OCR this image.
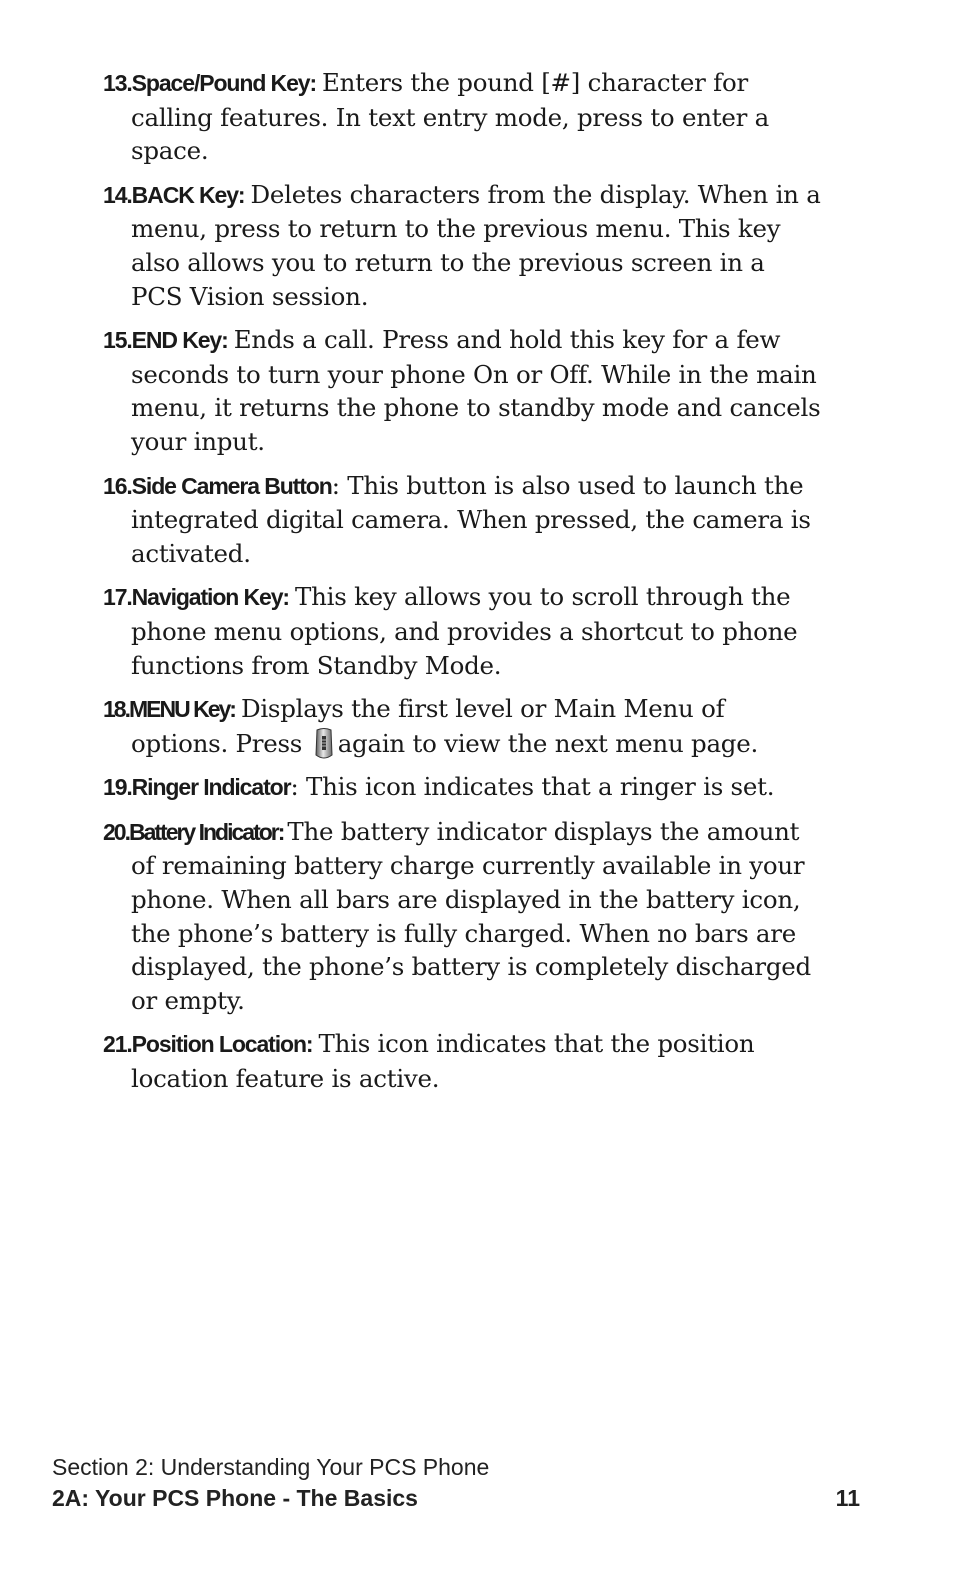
13.Space/Pound Key: Enters the pound [#] character for calling features. In text entry mode, press to enter a space.
14.BACK Key: Deletes characters from the display. When in a menu, press to return to the previous menu. This key also allows you to return to the previous screen in a PCS Vision session.
15.END Key: Ends a call. Press and hold this key for a few seconds to turn your phone On or Off. While in the main menu, it returns the phone to standby mode and cancels your input.
16.Side Camera Button: This button is also used to launch the integrated digital camera. When pressed, the camera is activated.
17.Navigation Key: This key allows you to scroll through the phone menu options, and provides a shortcut to phone functions from Standby Mode.
18.MENU Key: Displays the first level or Main Menu of options. Press again to view the next menu page.
19.Ringer Indicator: This icon indicates that a ringer is set.
20.Battery Indicator: The battery indicator displays the amount of remaining battery charge currently available in your phone. When all bars are displayed in the battery icon, the phone’s battery is fully charged. When no bars are displayed, the phone’s battery is completely discharged or empty.
21.Position Location: This icon indicates that the position location feature is active.
Section 2: Understanding Your PCS Phone
2A: Your PCS Phone - The Basics	11
